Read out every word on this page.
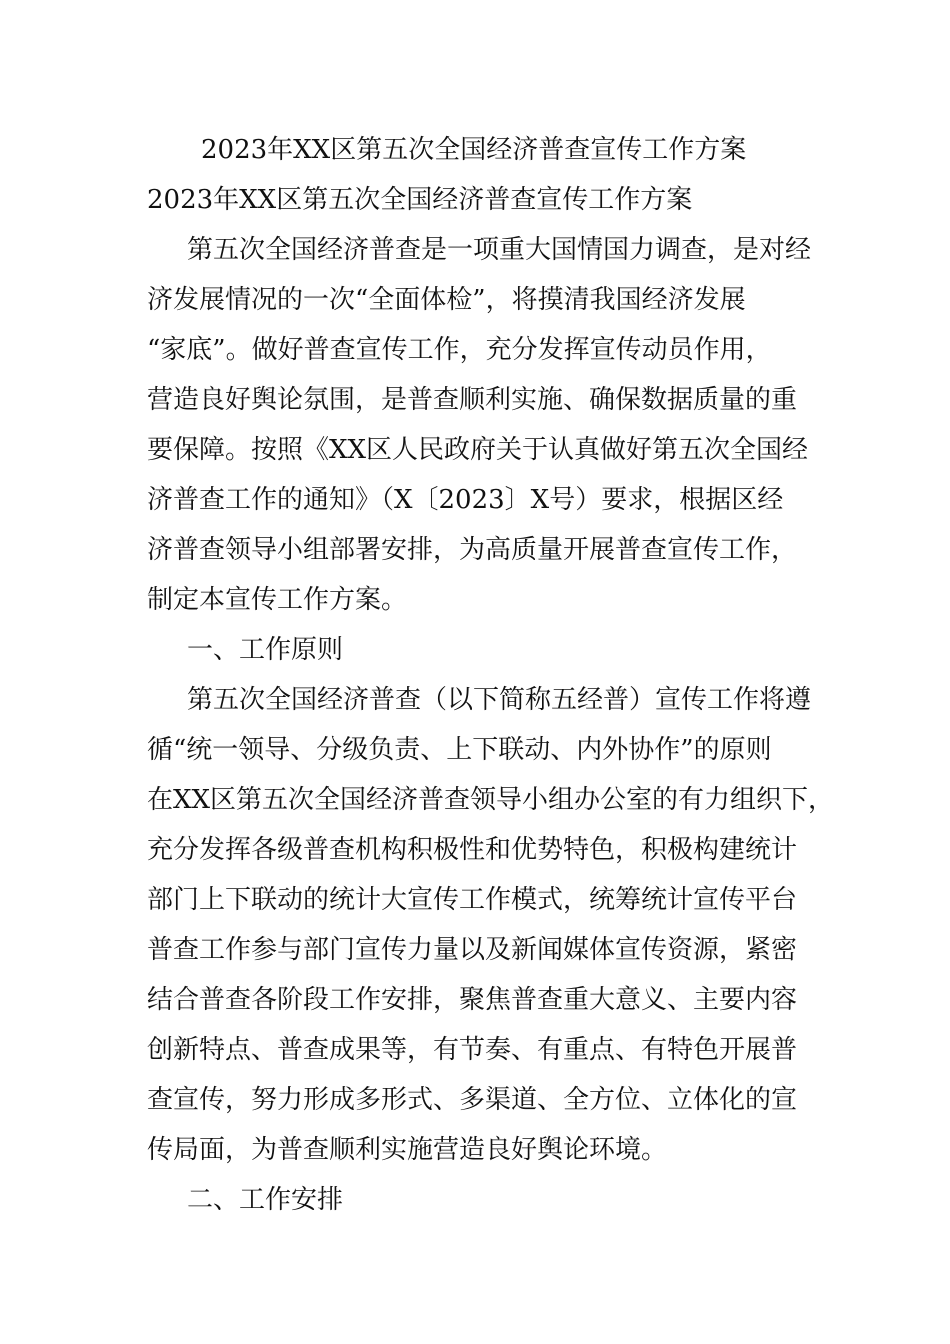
2023年XX区第五次全国经济普查宣传工作方案
2023年XX区第五次全国经济普查宣传工作方案

第五次全国经济普查是一项重大国情国力调查，是对经

济发展情况的一次“全面体检”，将摸清我国经济发展

“家底”。做好普查宣传工作，充分发挥宣传动员作用，

营造良好舆论氛围，是普查顺利实施、确保数据质量的重

要保障。按照《XX区人民政府关于认真做好第五次全国经

济普查工作的通知》（X〔2023〕X号）要求，根据区经

济普查领导小组部署安排，为高质量开展普查宣传工作，

制定本宣传工作方案。

一、工作原则

第五次全国经济普查（以下简称五经普）宣传工作将遵

循“统一领导、分级负责、上下联动、内外协作”的原则

在XX区第五次全国经济普查领导小组办公室的有力组织下，

充分发挥各级普查机构积极性和优势特色，积极构建统计

部门上下联动的统计大宣传工作模式，统筹统计宣传平台

普查工作参与部门宣传力量以及新闻媒体宣传资源，紧密

结合普查各阶段工作安排，聚焦普查重大意义、主要内容

创新特点、普查成果等，有节奏、有重点、有特色开展普

查宣传，努力形成多形式、多渠道、全方位、立体化的宣

传局面，为普查顺利实施营造良好舆论环境。

二、工作安排
